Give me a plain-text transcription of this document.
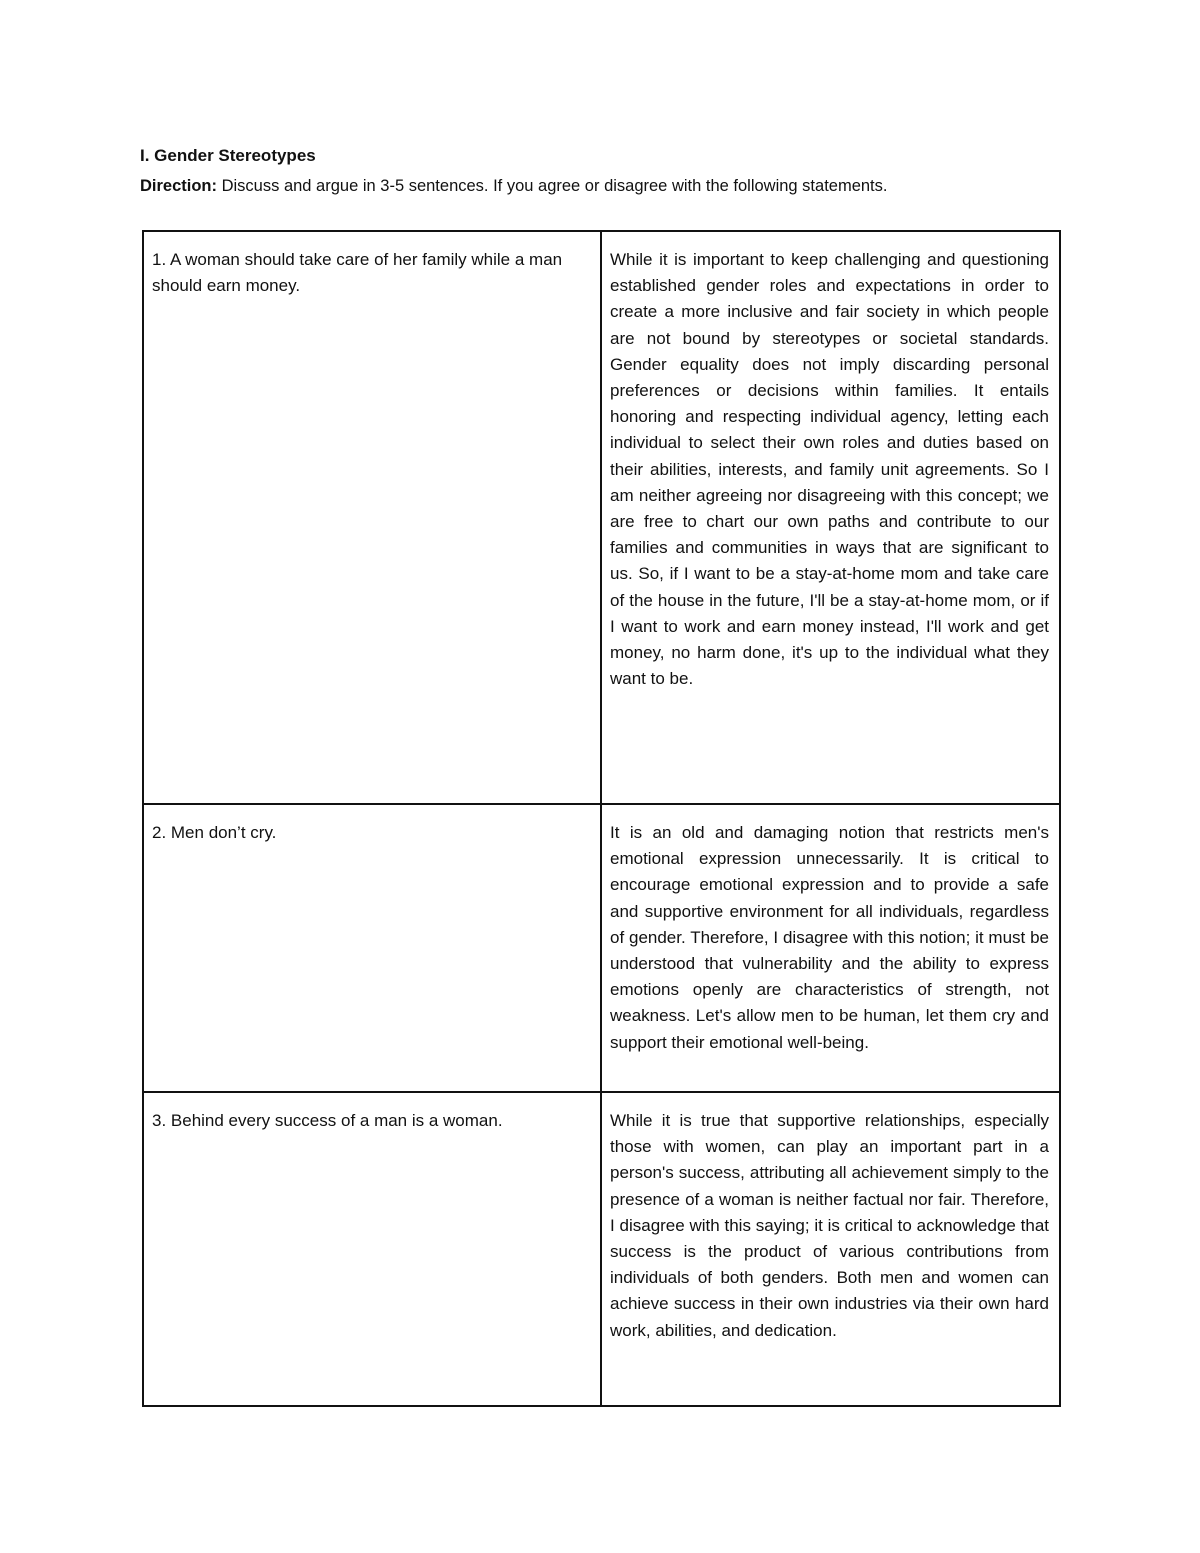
I. Gender Stereotypes
Direction: Discuss and argue in 3-5 sentences. If you agree or disagree with the following statements.
1. A woman should take care of her family while a man should earn money.	While it is important to keep challenging and questioning established gender roles and expectations in order to create a more inclusive and fair society in which people are not bound by stereotypes or societal standards. Gender equality does not imply discarding personal preferences or decisions within families. It entails honoring and respecting individual agency, letting each individual to select their own roles and duties based on their abilities, interests, and family unit agreements. So I am neither agreeing nor disagreeing with this concept; we are free to chart our own paths and contribute to our families and communities in ways that are significant to us. So, if I want to be a stay-at-home mom and take care of the house in the future, I'll be a stay-at-home mom, or if I want to work and earn money instead, I'll work and get money, no harm done, it's up to the individual what they want to be.
2. Men don’t cry.	It is an old and damaging notion that restricts men's emotional expression unnecessarily. It is critical to encourage emotional expression and to provide a safe and supportive environment for all individuals, regardless of gender. Therefore, I disagree with this notion; it must be understood that vulnerability and the ability to express emotions openly are characteristics of strength, not weakness. Let's allow men to be human, let them cry and support their emotional well-being.
3. Behind every success of a man is a woman.	While it is true that supportive relationships, especially those with women, can play an important part in a person's success, attributing all achievement simply to the presence of a woman is neither factual nor fair. Therefore, I disagree with this saying; it is critical to acknowledge that success is the product of various contributions from individuals of both genders. Both men and women can achieve success in their own industries via their own hard work, abilities, and dedication.
